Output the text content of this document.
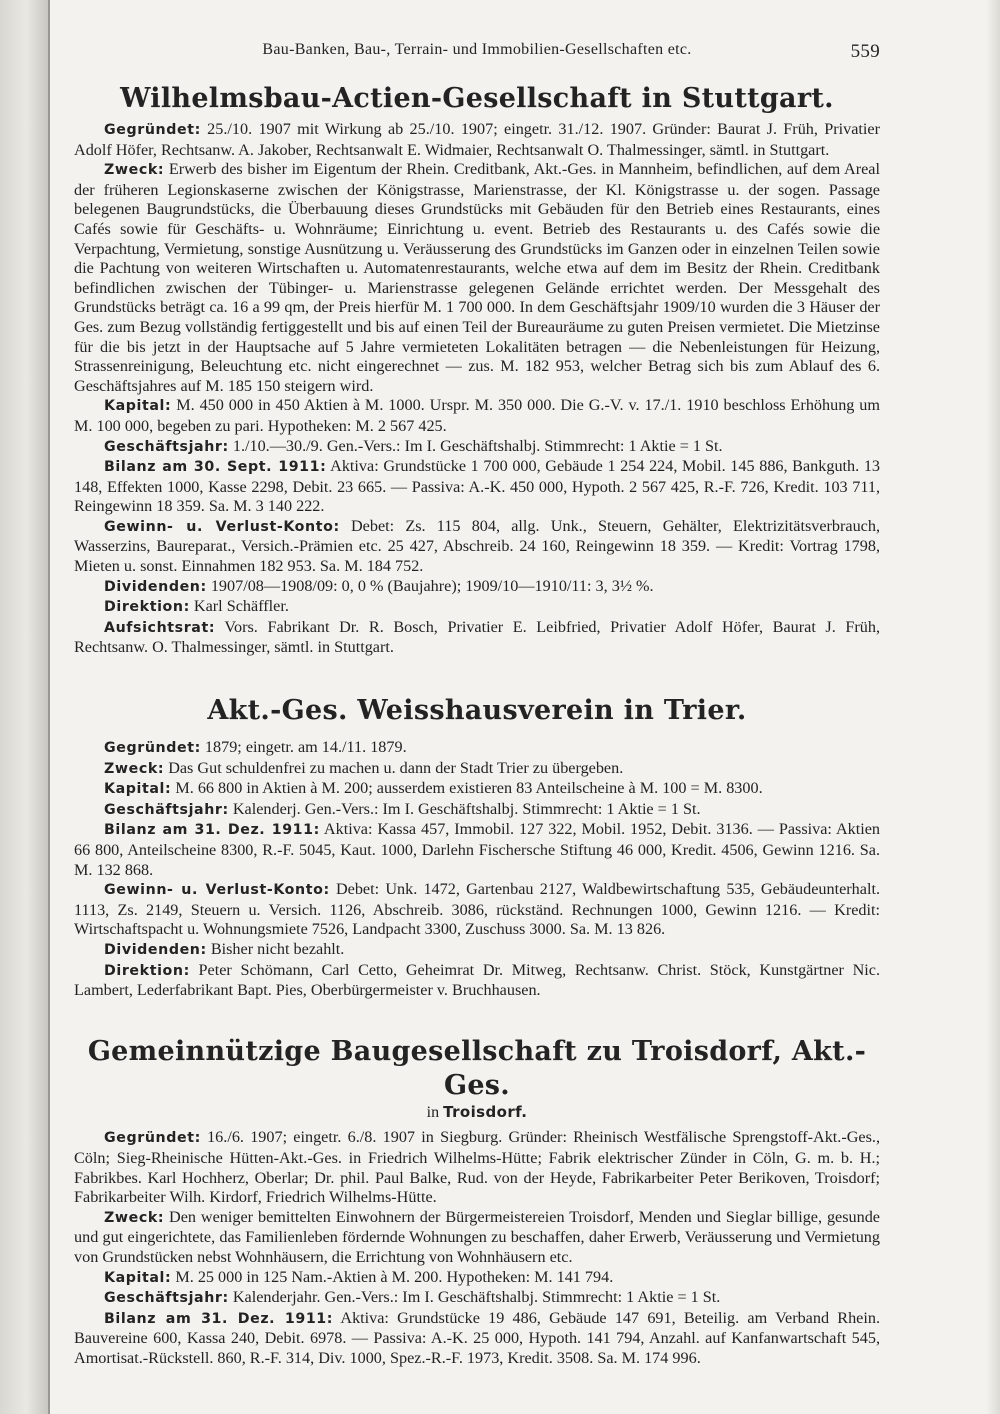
Bau-Banken, Bau-, Terrain- und Immobilien-Gesellschaften etc.	559
Wilhelmsbau-Actien-Gesellschaft in Stuttgart.

Gegründet: 25./10. 1907 mit Wirkung ab 25./10. 1907; eingetr. 31./12. 1907. Gründer: Baurat J. Früh, Privatier Adolf Höfer, Rechtsanw. A. Jakober, Rechtsanwalt E. Widmaier, Rechtsanwalt O. Thalmessinger, sämtl. in Stuttgart.

Zweck: Erwerb des bisher im Eigentum der Rhein. Creditbank, Akt.-Ges. in Mannheim, befindlichen, auf dem Areal der früheren Legionskaserne zwischen der Königstrasse, Marienstrasse, der Kl. Königstrasse u. der sogen. Passage belegenen Baugrundstücks, die Überbauung dieses Grundstücks mit Gebäuden für den Betrieb eines Restaurants, eines Cafés sowie für Geschäfts- u. Wohnräume; Einrichtung u. event. Betrieb des Restaurants u. des Cafés sowie die Verpachtung, Vermietung, sonstige Ausnützung u. Veräusserung des Grundstücks im Ganzen oder in einzelnen Teilen sowie die Pachtung von weiteren Wirtschaften u. Automatenrestaurants, welche etwa auf dem im Besitz der Rhein. Creditbank befindlichen zwischen der Tübinger- u. Marienstrasse gelegenen Gelände errichtet werden. Der Messgehalt des Grundstücks beträgt ca. 16 a 99 qm, der Preis hierfür M. 1 700 000. In dem Geschäftsjahr 1909/10 wurden die 3 Häuser der Ges. zum Bezug vollständig fertiggestellt und bis auf einen Teil der Bureauräume zu guten Preisen vermietet. Die Mietzinse für die bis jetzt in der Hauptsache auf 5 Jahre vermieteten Lokalitäten betragen — die Nebenleistungen für Heizung, Strassenreinigung, Beleuchtung etc. nicht eingerechnet — zus. M. 182 953, welcher Betrag sich bis zum Ablauf des 6. Geschäftsjahres auf M. 185 150 steigern wird.

Kapital: M. 450 000 in 450 Aktien à M. 1000. Urspr. M. 350 000. Die G.-V. v. 17./1. 1910 beschloss Erhöhung um M. 100 000, begeben zu pari. Hypotheken: M. 2 567 425.

Geschäftsjahr: 1./10.—30./9. Gen.-Vers.: Im I. Geschäftshalbj. Stimmrecht: 1 Aktie = 1 St.

Bilanz am 30. Sept. 1911: Aktiva: Grundstücke 1 700 000, Gebäude 1 254 224, Mobil. 145 886, Bankguth. 13 148, Effekten 1000, Kasse 2298, Debit. 23 665. — Passiva: A.-K. 450 000, Hypoth. 2 567 425, R.-F. 726, Kredit. 103 711, Reingewinn 18 359. Sa. M. 3 140 222.

Gewinn- u. Verlust-Konto: Debet: Zs. 115 804, allg. Unk., Steuern, Gehälter, Elektrizitätsverbrauch, Wasserzins, Baureparat., Versich.-Prämien etc. 25 427, Abschreib. 24 160, Reingewinn 18 359. — Kredit: Vortrag 1798, Mieten u. sonst. Einnahmen 182 953. Sa. M. 184 752.

Dividenden: 1907/08—1908/09: 0, 0 % (Baujahre); 1909/10—1910/11: 3, 3½ %.

Direktion: Karl Schäffler.

Aufsichtsrat: Vors. Fabrikant Dr. R. Bosch, Privatier E. Leibfried, Privatier Adolf Höfer, Baurat J. Früh, Rechtsanw. O. Thalmessinger, sämtl. in Stuttgart.

Akt.-Ges. Weisshausverein in Trier.

Gegründet: 1879; eingetr. am 14./11. 1879.

Zweck: Das Gut schuldenfrei zu machen u. dann der Stadt Trier zu übergeben.

Kapital: M. 66 800 in Aktien à M. 200; ausserdem existieren 83 Anteilscheine à M. 100 = M. 8300.

Geschäftsjahr: Kalenderj. Gen.-Vers.: Im I. Geschäftshalbj. Stimmrecht: 1 Aktie = 1 St.

Bilanz am 31. Dez. 1911: Aktiva: Kassa 457, Immobil. 127 322, Mobil. 1952, Debit. 3136. — Passiva: Aktien 66 800, Anteilscheine 8300, R.-F. 5045, Kaut. 1000, Darlehn Fischersche Stiftung 46 000, Kredit. 4506, Gewinn 1216. Sa. M. 132 868.

Gewinn- u. Verlust-Konto: Debet: Unk. 1472, Gartenbau 2127, Waldbewirtschaftung 535, Gebäudeunterhalt. 1113, Zs. 2149, Steuern u. Versich. 1126, Abschreib. 3086, rückständ. Rechnungen 1000, Gewinn 1216. — Kredit: Wirtschaftspacht u. Wohnungsmiete 7526, Landpacht 3300, Zuschuss 3000. Sa. M. 13 826.

Dividenden: Bisher nicht bezahlt.

Direktion: Peter Schömann, Carl Cetto, Geheimrat Dr. Mitweg, Rechtsanw. Christ. Stöck, Kunstgärtner Nic. Lambert, Lederfabrikant Bapt. Pies, Oberbürgermeister v. Bruchhausen.

Gemeinnützige Baugesellschaft zu Troisdorf, Akt.-Ges.
in Troisdorf.

Gegründet: 16./6. 1907; eingetr. 6./8. 1907 in Siegburg. Gründer: Rheinisch Westfälische Sprengstoff-Akt.-Ges., Cöln; Sieg-Rheinische Hütten-Akt.-Ges. in Friedrich Wilhelms-Hütte; Fabrik elektrischer Zünder in Cöln, G. m. b. H.; Fabrikbes. Karl Hochherz, Oberlar; Dr. phil. Paul Balke, Rud. von der Heyde, Fabrikarbeiter Peter Berikoven, Troisdorf; Fabrikarbeiter Wilh. Kirdorf, Friedrich Wilhelms-Hütte.

Zweck: Den weniger bemittelten Einwohnern der Bürgermeistereien Troisdorf, Menden und Sieglar billige, gesunde und gut eingerichtete, das Familienleben fördernde Wohnungen zu beschaffen, daher Erwerb, Veräusserung und Vermietung von Grundstücken nebst Wohnhäusern, die Errichtung von Wohnhäusern etc.

Kapital: M. 25 000 in 125 Nam.-Aktien à M. 200. Hypotheken: M. 141 794.

Geschäftsjahr: Kalenderjahr. Gen.-Vers.: Im I. Geschäftshalbj. Stimmrecht: 1 Aktie = 1 St.

Bilanz am 31. Dez. 1911: Aktiva: Grundstücke 19 486, Gebäude 147 691, Beteilig. am Verband Rhein. Bauvereine 600, Kassa 240, Debit. 6978. — Passiva: A.-K. 25 000, Hypoth. 141 794, Anzahl. auf Kanfanwartschaft 545, Amortisat.-Rückstell. 860, R.-F. 314, Div. 1000, Spez.-R.-F. 1973, Kredit. 3508. Sa. M. 174 996.
